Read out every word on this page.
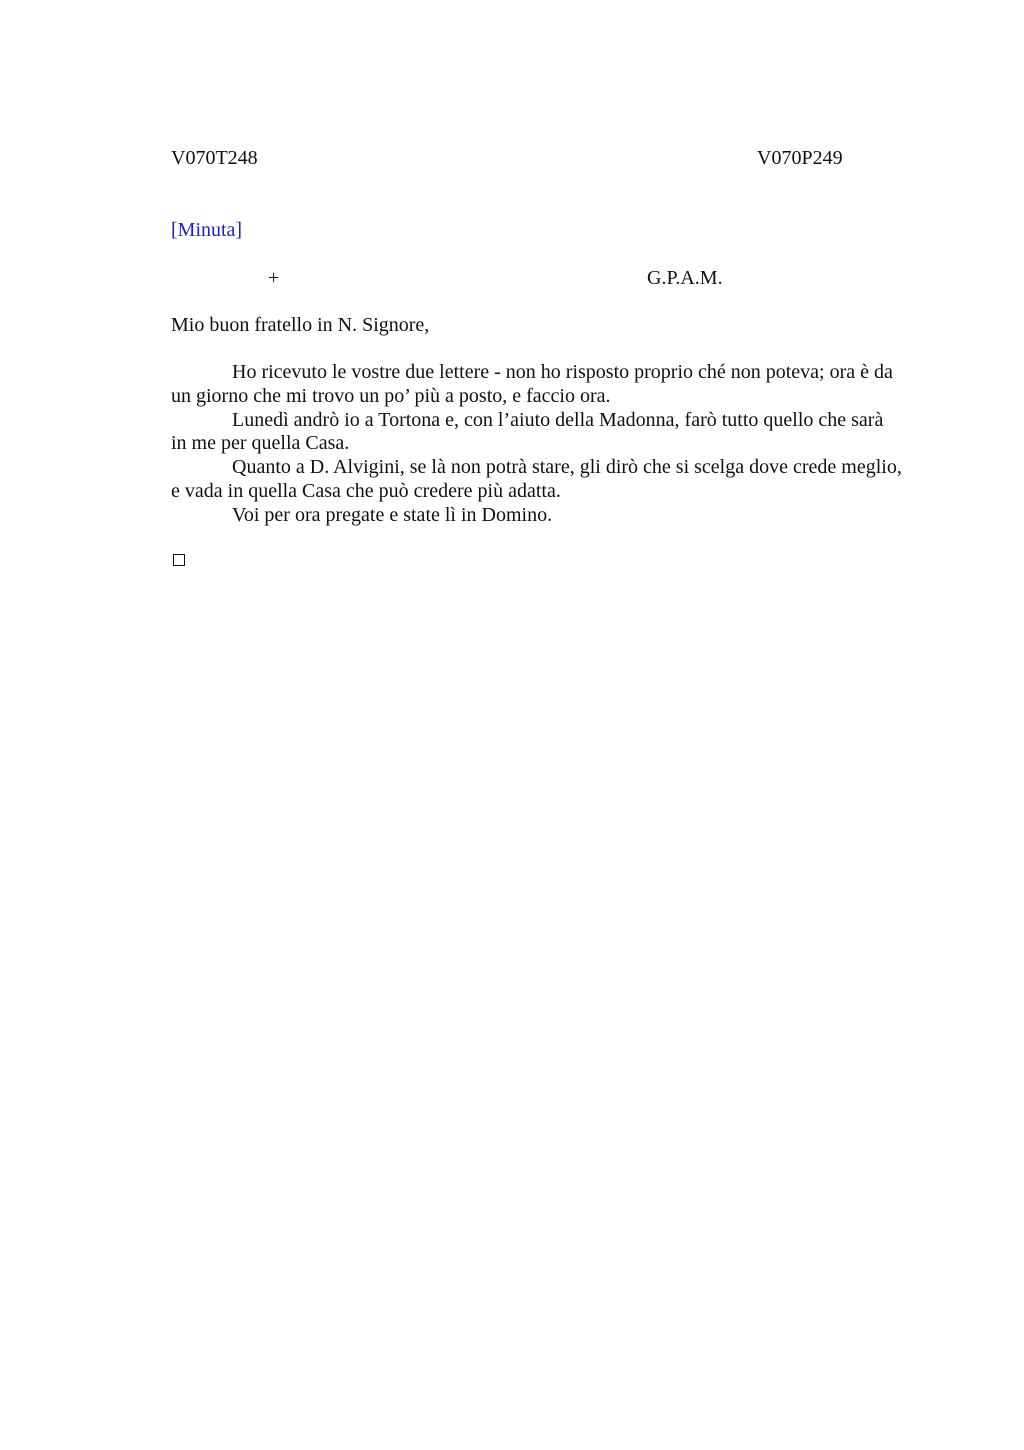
V070T248	V070P249
[Minuta]
+	G.P.A.M.
Mio buon fratello in N. Signore,
Ho ricevuto le vostre due lettere - non ho risposto proprio ché non poteva; ora è da
un giorno che mi trovo un po’ più a posto, e faccio ora.
Lunedì andrò io a Tortona e, con l’aiuto della Madonna, farò tutto quello che sarà
in me per quella Casa.
Quanto a D. Alvigini, se là non potrà stare, gli dirò che si scelga dove crede meglio,
e vada in quella Casa che può credere più adatta.
Voi per ora pregate e state lì in Domino.
